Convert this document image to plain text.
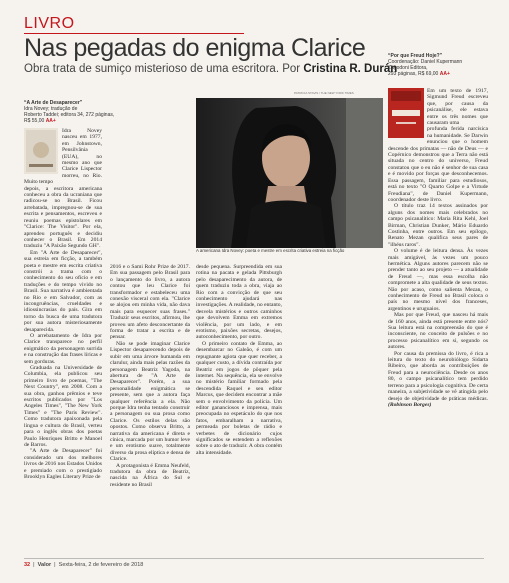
LIVRO
Nas pegadas do enigma Clarice
Obra trata de sumiço misterioso de uma escritora. Por Cristina R. Durán
PATRICIA STAVIS / THE NEW YORK TIMES
A americana Idra Novey: poeta e mestre em escrita criativa estreia na ficção
“A Arte de Desaparecer”
Idra Novey; tradução de
Roberto Taddei; editora 34, 272 páginas,
R$ 55,00 AA+

Idra Novey nasceu em 1977, em Johnstown, Pensilvânia (EUA), no mesmo ano que Clarice Lispector morreu, no Rio. Muito tempo

depois, a escritora americana conheceu a obra da ucraniana que radicou-se no Brasil. Ficou arrebatada, impregnou-se de sua escrita e pensamentos, escreveu e reuniu poemas epistolares em "Clarice: The Visitor". Por ela, aprendeu português e decidiu conhecer o Brasil. Em 2014 traduziu "A Paixão Segundo GH".

Em "A Arte de Desaparecer", sua estreia em ficção, a também poeta e mestre em escrita criativa constrói a trama com o conhecimento do seu ofício e em traduções e do tempo vivido no Brasil. Sua narrativa é ambientada no Rio e em Salvador, com as incongruências, crueldades e idiossincrasias do país. Gira em torno da busca de uma tradutora por sua autora misteriosamente desaparecida.

O arrebatamento de Idra por Clarice transparece no perfil enigmático da personagem surrida e na construção das frases líricas e sem gorduras.

Graduada na Universidade de Columbia, ela publicou seu primeiro livro de poemas, "The Next Country", em 2008. Com a sua obra, ganhou prêmios e teve escritos publicados por "Los Angeles Times", "The New York Times" e "The Paris Review". Como tradutora apaixonada pela língua e cultura do Brasil, verteu para o inglês obras dos poetas Paulo Henriques Britto e Manoel de Barros.

"A Arte de Desaparecer" foi considerado um dos melhores livros de 2016 nos Estados Unidos e premiado com o prestigiado Brooklyn Eagles Literary Prize de

2016 e o Sami Rohr Prize de 2017. Em sua passagem pelo Brasil para o lançamento do livro, a autora contou que leu Clarice foi transformador e estabeleceu uma conexão visceral com ela. "Clarice se alojou em minha vida, não dava mais para esquecer suas frases." Traduzir seus escritos, afirmou, lhe proveu um afeto desconcertante da forma de tratar a escrita e de pensar.

Não se pode imaginar Clarice Lispector desaparecendo depois de subir em uma árvore humanda em clarulur, ainda mais pelas razões da personagem Beatriz Yagoda, na abertura de "A Arte de Desaparecer". Porém, a sua personalidade enigmática se presente, sem que a autora faça qualquer referência a ela. Não porque Idra tenha tentado construir a personagem ou sua prosa como Clarice. Os estilos delas são opostos. Como observa Britto, a narrativa da americana é direta e cínica, marcada por um humor leve e um erotismo suave, totalmente diverso da prosa elíptica e densa de Clarice.

A protagonista é Emma Neufeld, tradutora da obra de Beatriz, nascida na África do Sul e residente no Brasil

desde pequena. Surpreendida em sua rotina na pacata e gelada Pittsburgh pelo desaparecimento da autora, de quem traduziu toda a obra, viaja ao Rio com a convicção de que seu conhecimento ajudará nas investigações. A realidade, no entanto, desvela mistérios e outros caminhos que devolvem Emma em extremos violência, por um lado, e em erotismo, paixões secretas, desejos, autoconhecimento, por outro.

O primeiro contato de Emma, ao desembarcar no Galeão, é com um repugnante agiota que quer receber, a qualquer custo, a dívida contraída por Beatriz em jogos de pôquer pela internet. Na sequência, ela se envolve no mistério familiar formado pela descendida Raquel e seu editor Marcus, que decidem encontrar a mãe sem o envolvimento da polícia. Um editor gananciosos e imprensa, mais preocupada no espetáculo do que nos fatos, embaralham a narrativa, permeada por boletas de rádio e verbetes de dicionário cujos significados se estendem a reflexões sobre o ato de traduzir. A obra contém alta intensidade.

“Por que Freud Hoje?”
Coordenação: Daniel Kupermann
Zagodoni Editora,
293 páginas, R$ 69,00 AA+

Em um texto de 1917, Sigmund Freud escreveu que, por causa da psicanálise, ele estava entre os três nomes que causaram uma

profunda ferida narcísica na humanidade. Se Darwin enunciou que o homem descende dos primatas — não de Deus — e Copérnico demonstrou que a Terra não está situada no centro do universo, Freud constatou que o eu não é senhor de sua casa e é movido por forças que desconhecemos. Essa passagem, familiar para estudiosos, está no texto "O Quarto Golpe e a Virtude Freudiana", de Daniel Kupermann, coordenador deste livro.

O título traz 14 textos assinados por alguns dos nomes mais celebrados no campo psicanalítico: Maria Rita Kehl, Joel Birman, Christian Dunker, Mário Eduardo Costinha, entre outros. Em seu epílogo, Renato Mezan qualifica seus pares de "ilhéus raros".

O volume é de leitura densa. Às vezes mais amigável, às vezes um pouco hermética. Alguns autores parecem não se prender tanto ao seu projeto — a atualidade de Freud —, mas essa escolha não compromete a alta qualidade de seus textos. Não por acaso, como salienta Mezan, o conhecimento de Freud no Brasil coloca o país no mesmo nível dos franceses, argentinos e uruguaios.

Mas por que Freud, que nasceu há mais de 160 anos, ainda está presente entre nós? Sua leitura está na compreensão do que é inconsciente, no conceito de pulsões e no processo psicanalítico em si, segundo os autores.

Por causa da premissa do livro, é rica a leitura do texto do neurobiólogo Sidarta Ribeiro, que aborda as contribuições de Freud para a neurociência. Desde os anos 80, o campo psicanalítico tem perdido terreno para a psicologia cognitiva. De certa maneira, a subjetividade se vê atingida pelo desejo de objetividade de práticas médicas. (Robinson Borges)

32  |  Valor  |  Sexta-feira, 2 de fevereiro de 2018
